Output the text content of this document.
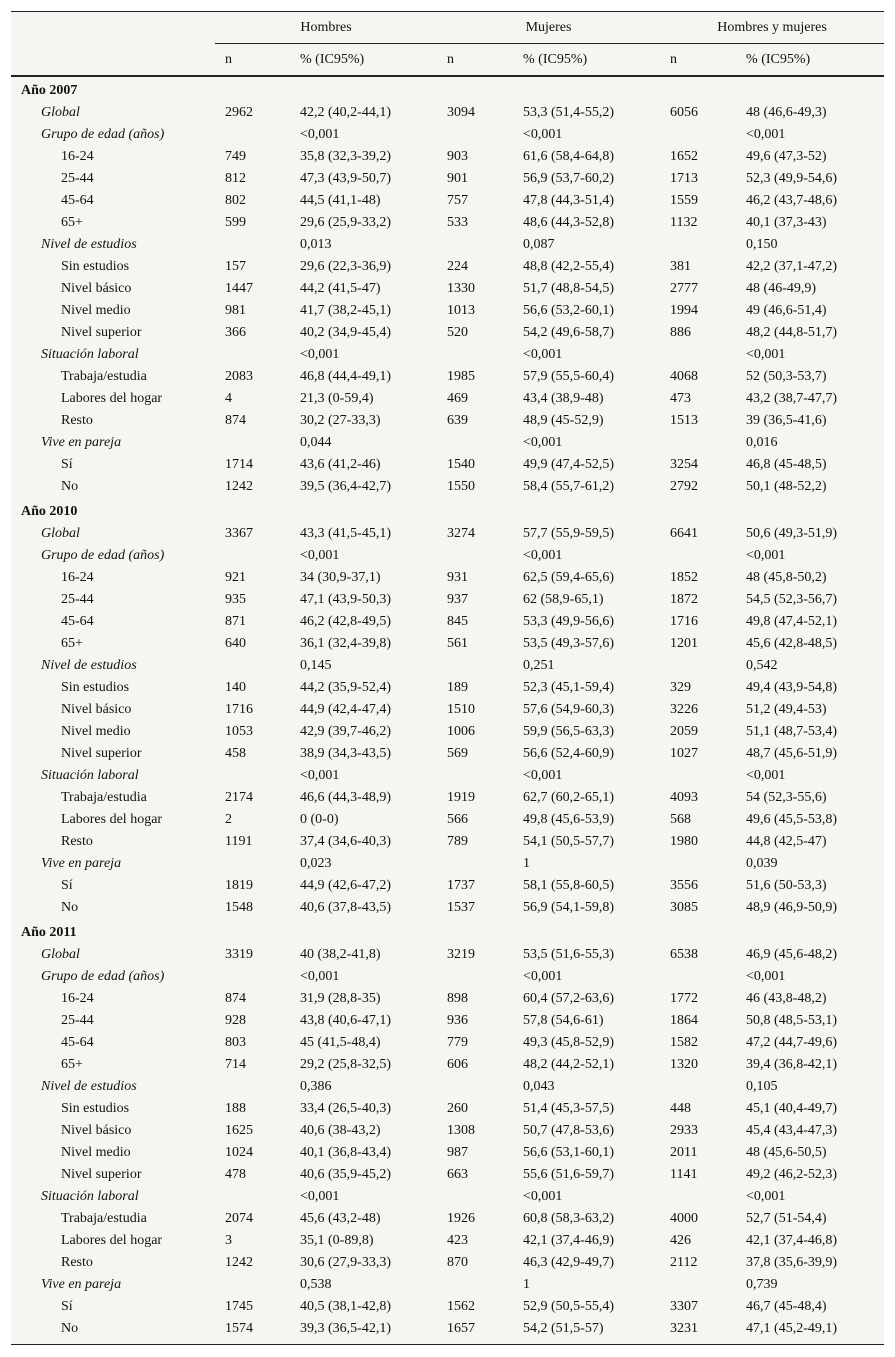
	Hombres		Mujeres		Hombres y mujeres	
	n	% (IC95%)	n	% (IC95%)	n	% (IC95%)
Año 2007						
Global	2962	42,2 (40,2-44,1)	3094	53,3 (51,4-55,2)	6056	48 (46,6-49,3)
Grupo de edad (años)		<0,001		<0,001		<0,001
16-24	749	35,8 (32,3-39,2)	903	61,6 (58,4-64,8)	1652	49,6 (47,3-52)
25-44	812	47,3 (43,9-50,7)	901	56,9 (53,7-60,2)	1713	52,3 (49,9-54,6)
45-64	802	44,5 (41,1-48)	757	47,8 (44,3-51,4)	1559	46,2 (43,7-48,6)
65+	599	29,6 (25,9-33,2)	533	48,6 (44,3-52,8)	1132	40,1 (37,3-43)
Nivel de estudios		0,013		0,087		0,150
Sin estudios	157	29,6 (22,3-36,9)	224	48,8 (42,2-55,4)	381	42,2 (37,1-47,2)
Nivel básico	1447	44,2 (41,5-47)	1330	51,7 (48,8-54,5)	2777	48 (46-49,9)
Nivel medio	981	41,7 (38,2-45,1)	1013	56,6 (53,2-60,1)	1994	49 (46,6-51,4)
Nivel superior	366	40,2 (34,9-45,4)	520	54,2 (49,6-58,7)	886	48,2 (44,8-51,7)
Situación laboral		<0,001		<0,001		<0,001
Trabaja/estudia	2083	46,8 (44,4-49,1)	1985	57,9 (55,5-60,4)	4068	52 (50,3-53,7)
Labores del hogar	4	21,3 (0-59,4)	469	43,4 (38,9-48)	473	43,2 (38,7-47,7)
Resto	874	30,2 (27-33,3)	639	48,9 (45-52,9)	1513	39 (36,5-41,6)
Vive en pareja		0,044		<0,001		0,016
Sí	1714	43,6 (41,2-46)	1540	49,9 (47,4-52,5)	3254	46,8 (45-48,5)
No	1242	39,5 (36,4-42,7)	1550	58,4 (55,7-61,2)	2792	50,1 (48-52,2)
Año 2010						
Global	3367	43,3 (41,5-45,1)	3274	57,7 (55,9-59,5)	6641	50,6 (49,3-51,9)
Grupo de edad (años)		<0,001		<0,001		<0,001
16-24	921	34 (30,9-37,1)	931	62,5 (59,4-65,6)	1852	48 (45,8-50,2)
25-44	935	47,1 (43,9-50,3)	937	62 (58,9-65,1)	1872	54,5 (52,3-56,7)
45-64	871	46,2 (42,8-49,5)	845	53,3 (49,9-56,6)	1716	49,8 (47,4-52,1)
65+	640	36,1 (32,4-39,8)	561	53,5 (49,3-57,6)	1201	45,6 (42,8-48,5)
Nivel de estudios		0,145		0,251		0,542
Sin estudios	140	44,2 (35,9-52,4)	189	52,3 (45,1-59,4)	329	49,4 (43,9-54,8)
Nivel básico	1716	44,9 (42,4-47,4)	1510	57,6 (54,9-60,3)	3226	51,2 (49,4-53)
Nivel medio	1053	42,9 (39,7-46,2)	1006	59,9 (56,5-63,3)	2059	51,1 (48,7-53,4)
Nivel superior	458	38,9 (34,3-43,5)	569	56,6 (52,4-60,9)	1027	48,7 (45,6-51,9)
Situación laboral		<0,001		<0,001		<0,001
Trabaja/estudia	2174	46,6 (44,3-48,9)	1919	62,7 (60,2-65,1)	4093	54 (52,3-55,6)
Labores del hogar	2	0 (0-0)	566	49,8 (45,6-53,9)	568	49,6 (45,5-53,8)
Resto	1191	37,4 (34,6-40,3)	789	54,1 (50,5-57,7)	1980	44,8 (42,5-47)
Vive en pareja		0,023		1		0,039
Sí	1819	44,9 (42,6-47,2)	1737	58,1 (55,8-60,5)	3556	51,6 (50-53,3)
No	1548	40,6 (37,8-43,5)	1537	56,9 (54,1-59,8)	3085	48,9 (46,9-50,9)
Año 2011						
Global	3319	40 (38,2-41,8)	3219	53,5 (51,6-55,3)	6538	46,9 (45,6-48,2)
Grupo de edad (años)		<0,001		<0,001		<0,001
16-24	874	31,9 (28,8-35)	898	60,4 (57,2-63,6)	1772	46 (43,8-48,2)
25-44	928	43,8 (40,6-47,1)	936	57,8 (54,6-61)	1864	50,8 (48,5-53,1)
45-64	803	45 (41,5-48,4)	779	49,3 (45,8-52,9)	1582	47,2 (44,7-49,6)
65+	714	29,2 (25,8-32,5)	606	48,2 (44,2-52,1)	1320	39,4 (36,8-42,1)
Nivel de estudios		0,386		0,043		0,105
Sin estudios	188	33,4 (26,5-40,3)	260	51,4 (45,3-57,5)	448	45,1 (40,4-49,7)
Nivel básico	1625	40,6 (38-43,2)	1308	50,7 (47,8-53,6)	2933	45,4 (43,4-47,3)
Nivel medio	1024	40,1 (36,8-43,4)	987	56,6 (53,1-60,1)	2011	48 (45,6-50,5)
Nivel superior	478	40,6 (35,9-45,2)	663	55,6 (51,6-59,7)	1141	49,2 (46,2-52,3)
Situación laboral		<0,001		<0,001		<0,001
Trabaja/estudia	2074	45,6 (43,2-48)	1926	60,8 (58,3-63,2)	4000	52,7 (51-54,4)
Labores del hogar	3	35,1 (0-89,8)	423	42,1 (37,4-46,9)	426	42,1 (37,4-46,8)
Resto	1242	30,6 (27,9-33,3)	870	46,3 (42,9-49,7)	2112	37,8 (35,6-39,9)
Vive en pareja		0,538		1		0,739
Sí	1745	40,5 (38,1-42,8)	1562	52,9 (50,5-55,4)	3307	46,7 (45-48,4)
No	1574	39,3 (36,5-42,1)	1657	54,2 (51,5-57)	3231	47,1 (45,2-49,1)
